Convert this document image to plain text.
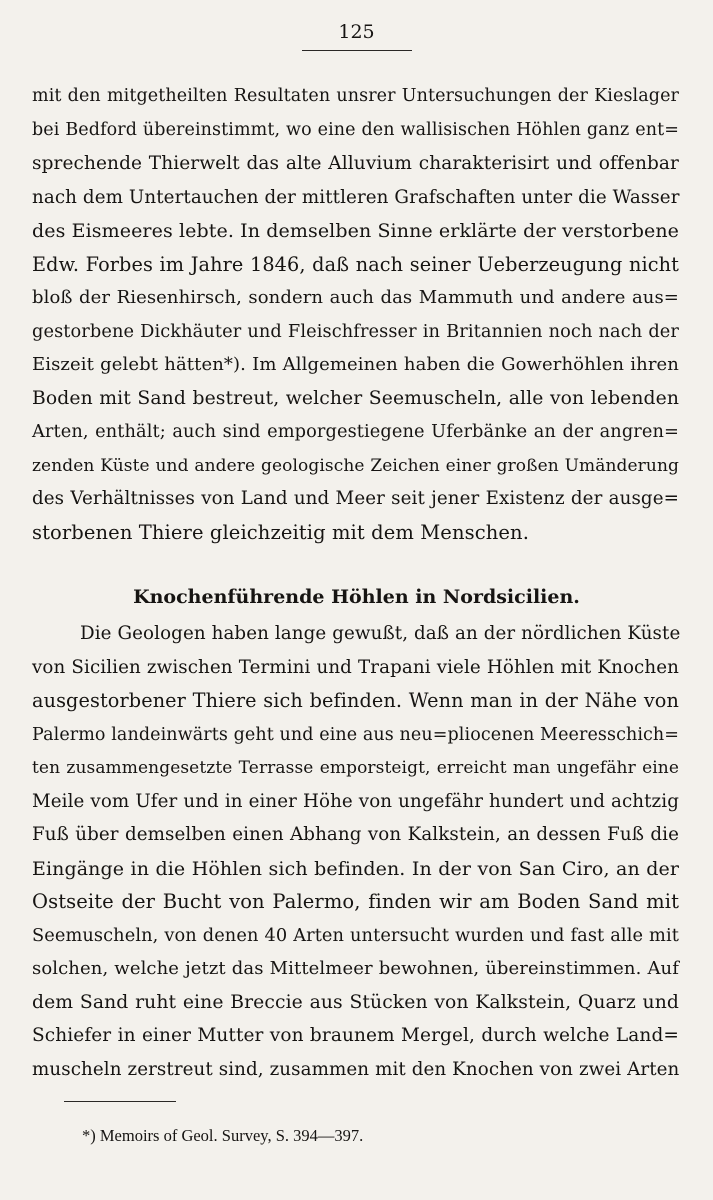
125
mit den mitgetheilten Resultaten unsrer Untersuchungen der Kieslager
bei Bedford übereinstimmt, wo eine den wallisischen Höhlen ganz ent=
sprechende Thierwelt das alte Alluvium charakterisirt und offenbar
nach dem Untertauchen der mittleren Grafschaften unter die Wasser
des Eismeeres lebte. In demselben Sinne erklärte der verstorbene
Edw. Forbes im Jahre 1846, daß nach seiner Ueberzeugung nicht
bloß der Riesenhirsch, sondern auch das Mammuth und andere aus=
gestorbene Dickhäuter und Fleischfresser in Britannien noch nach der
Eiszeit gelebt hätten*). Im Allgemeinen haben die Gowerhöhlen ihren
Boden mit Sand bestreut, welcher Seemuscheln, alle von lebenden
Arten, enthält; auch sind emporgestiegene Uferbänke an der angren=
zenden Küste und andere geologische Zeichen einer großen Umänderung
des Verhältnisses von Land und Meer seit jener Existenz der ausge=
storbenen Thiere gleichzeitig mit dem Menschen.
Knochenführende Höhlen in Nordsicilien.
Die Geologen haben lange gewußt, daß an der nördlichen Küste
von Sicilien zwischen Termini und Trapani viele Höhlen mit Knochen
ausgestorbener Thiere sich befinden. Wenn man in der Nähe von
Palermo landeinwärts geht und eine aus neu=pliocenen Meeresschich=
ten zusammengesetzte Terrasse emporsteigt, erreicht man ungefähr eine
Meile vom Ufer und in einer Höhe von ungefähr hundert und achtzig
Fuß über demselben einen Abhang von Kalkstein, an dessen Fuß die
Eingänge in die Höhlen sich befinden. In der von San Ciro, an der
Ostseite der Bucht von Palermo, finden wir am Boden Sand mit
Seemuscheln, von denen 40 Arten untersucht wurden und fast alle mit
solchen, welche jetzt das Mittelmeer bewohnen, übereinstimmen. Auf
dem Sand ruht eine Breccie aus Stücken von Kalkstein, Quarz und
Schiefer in einer Mutter von braunem Mergel, durch welche Land=
muscheln zerstreut sind, zusammen mit den Knochen von zwei Arten
*) Memoirs of Geol. Survey, S. 394—397.
